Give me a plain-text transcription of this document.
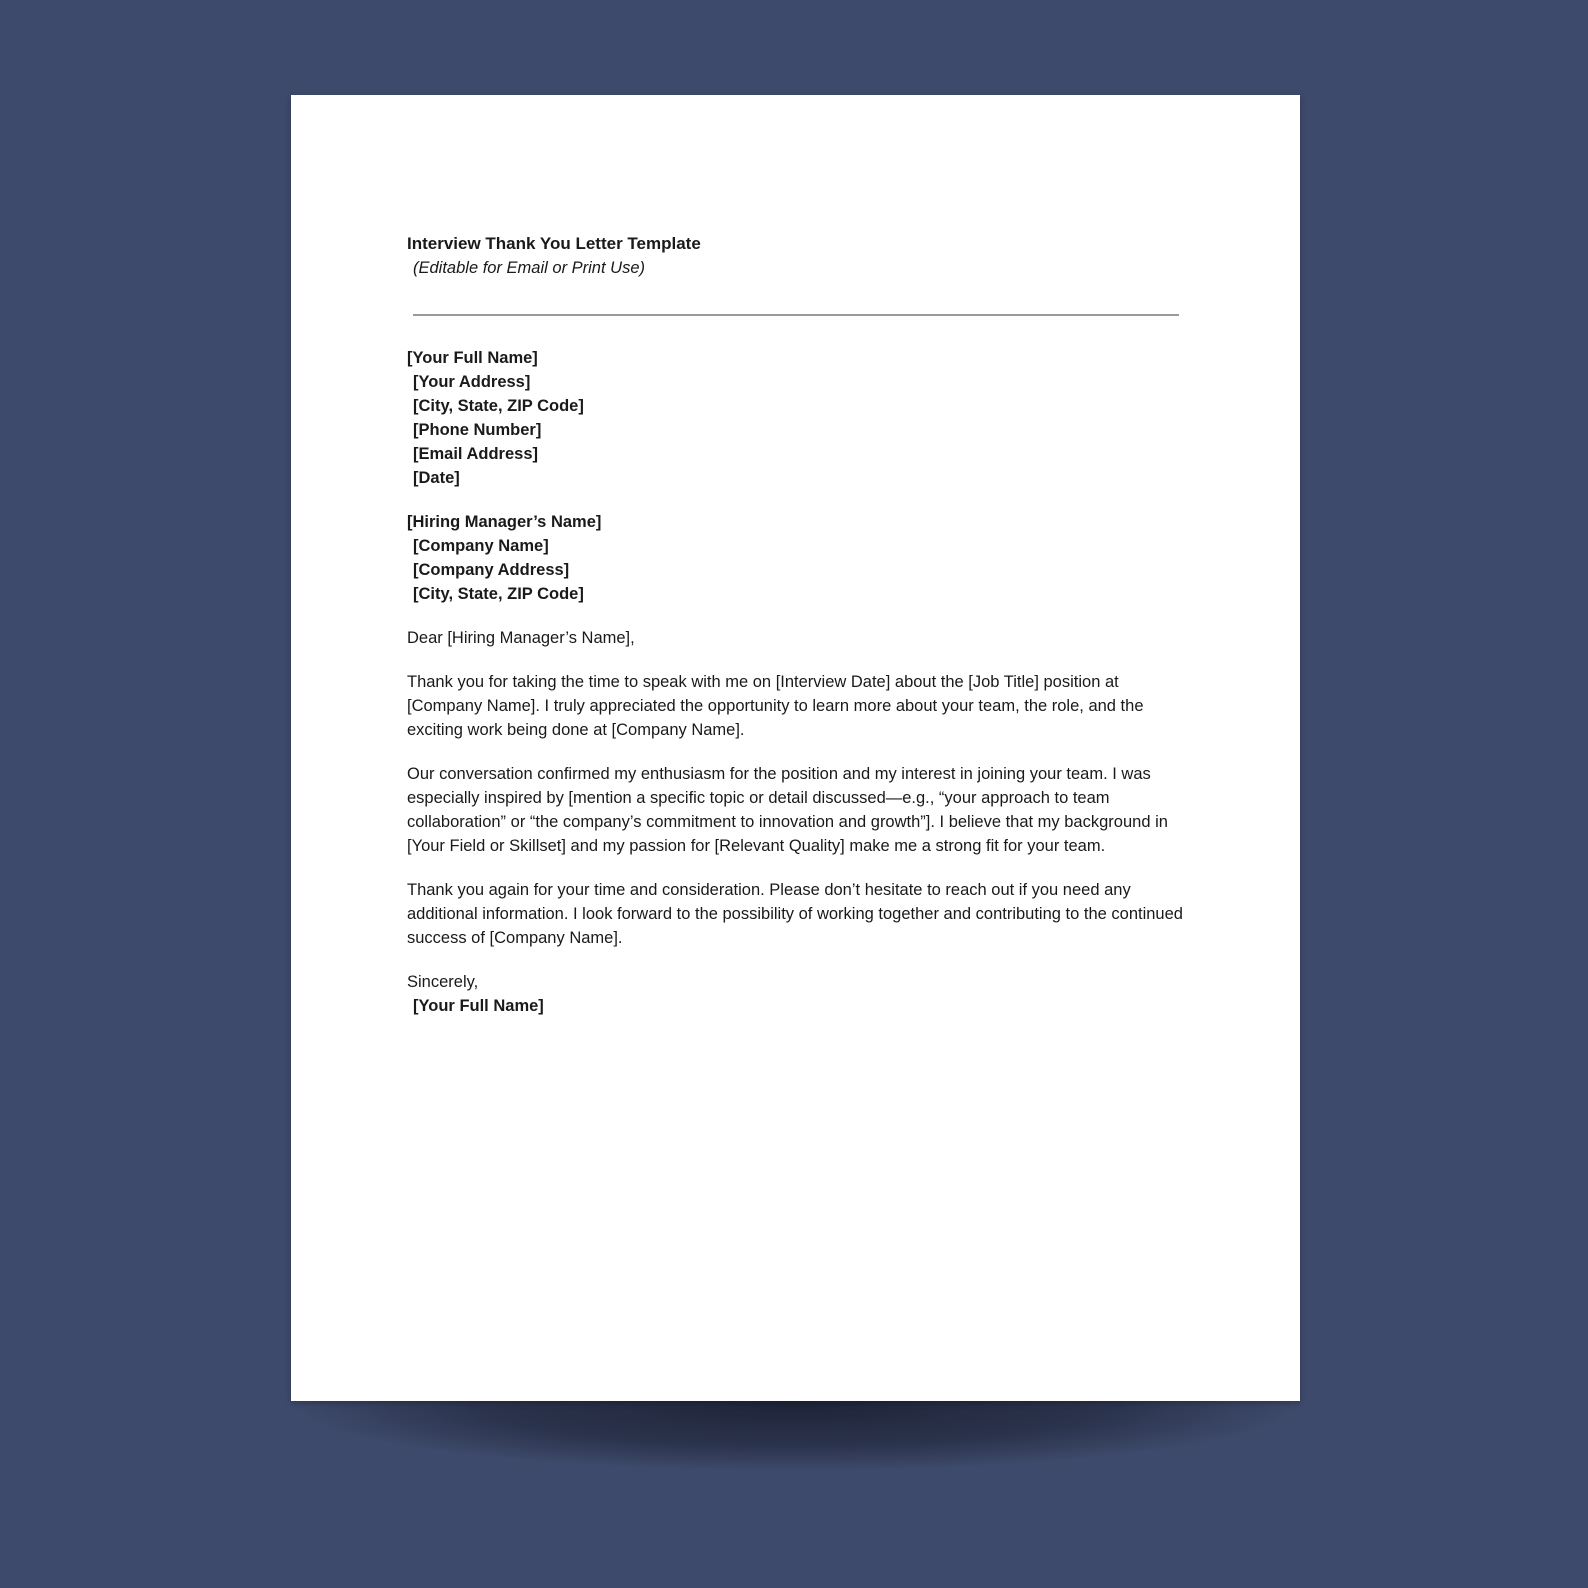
Interview Thank You Letter Template
(Editable for Email or Print Use)
[Your Full Name]
[Your Address]
[City, State, ZIP Code]
[Phone Number]
[Email Address]
[Date]
[Hiring Manager’s Name]
[Company Name]
[Company Address]
[City, State, ZIP Code]
Dear [Hiring Manager’s Name],
Thank you for taking the time to speak with me on [Interview Date] about the [Job Title] position at [Company Name]. I truly appreciated the opportunity to learn more about your team, the role, and the exciting work being done at [Company Name].
Our conversation confirmed my enthusiasm for the position and my interest in joining your team. I was especially inspired by [mention a specific topic or detail discussed—e.g., “your approach to team collaboration” or “the company’s commitment to innovation and growth”]. I believe that my background in [Your Field or Skillset] and my passion for [Relevant Quality] make me a strong fit for your team.
Thank you again for your time and consideration. Please don’t hesitate to reach out if you need any additional information. I look forward to the possibility of working together and contributing to the continued success of [Company Name].
Sincerely,
[Your Full Name]
